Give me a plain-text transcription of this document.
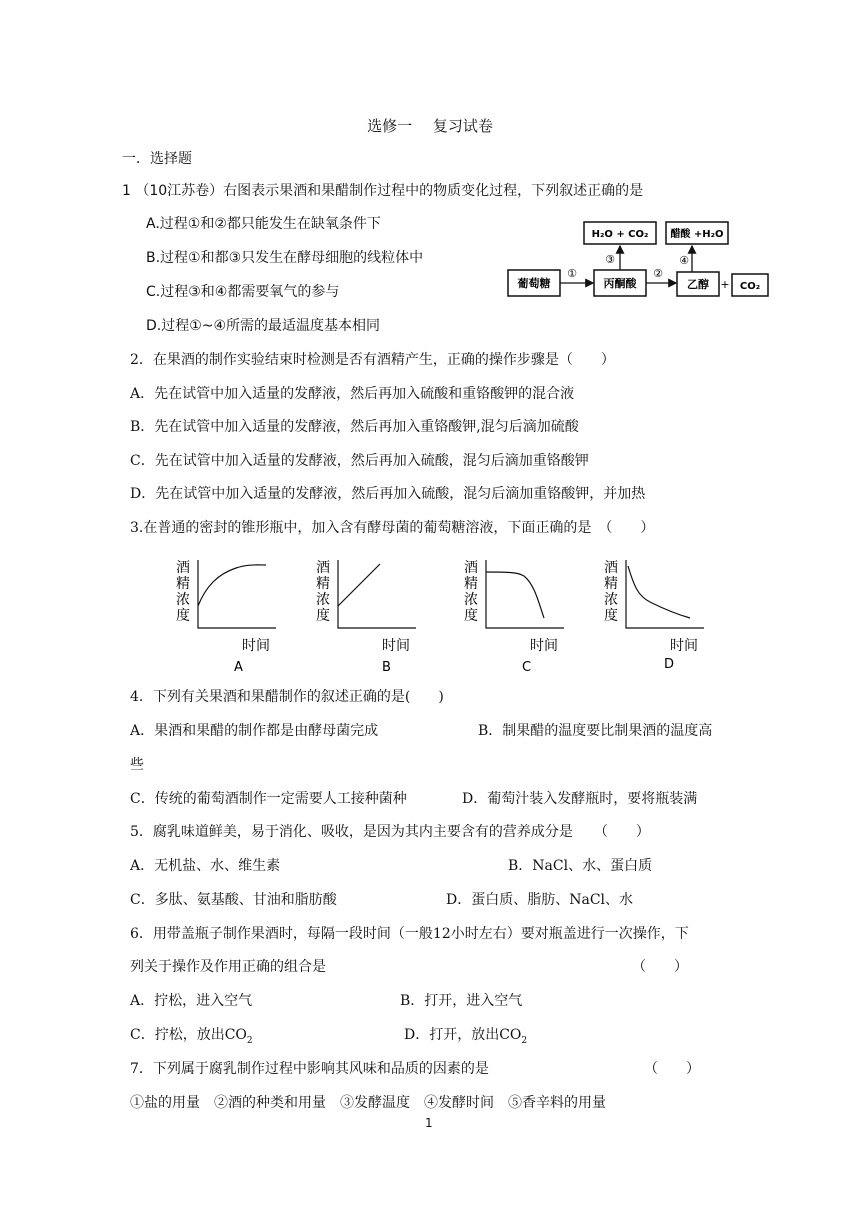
选修一 复习试卷
一．选择题
1 （10江苏卷）右图表示果酒和果醋制作过程中的物质变化过程，下列叙述正确的是
A.过程①和②都只能发生在缺氧条件下
B.过程①和都③只发生在酵母细胞的线粒体中
C.过程③和④都需要氧气的参与
D.过程①~④所需的最适温度基本相同
葡萄糖
①
丙酮酸
③
H₂O + CO₂
②
乙醇
④
醋酸 +H₂O
+ CO₂
2．在果酒的制作实验结束时检测是否有酒精产生，正确的操作步骤是（　　）
A．先在试管中加入适量的发酵液，然后再加入硫酸和重铬酸钾的混合液
B．先在试管中加入适量的发酵液，然后再加入重铬酸钾,混匀后滴加硫酸
C．先在试管中加入适量的发酵液，然后再加入硫酸，混匀后滴加重铬酸钾
D．先在试管中加入适量的发酵液，然后再加入硫酸，混匀后滴加重铬酸钾，并加热
3.在普通的密封的锥形瓶中，加入含有酵母菌的葡萄糖溶液，下面正确的是　（　　）
酒
精
浓
度
时间
A
酒
精
浓
度
时间
B
酒
精
浓
度
时间
C
酒
精
浓
度
时间
D
4．下列有关果酒和果醋制作的叙述正确的是(　　)
A．果酒和果醋的制作都是由酵母菌完成	B．制果醋的温度要比制果酒的温度高
些
C．传统的葡萄酒制作一定需要人工接种菌种	D．葡萄汁装入发酵瓶时，要将瓶装满
5．腐乳味道鲜美，易于消化、吸收，是因为其内主要含有的营养成分是　　（　　）
A．无机盐、水、维生素	B．NaCl、水、蛋白质
C．多肽、氨基酸、甘油和脂肪酸	D．蛋白质、脂肪、NaCl、水
6．用带盖瓶子制作果酒时，每隔一段时间（一般12小时左右）要对瓶盖进行一次操作，下
列关于操作及作用正确的组合是	（　　）
A．拧松，进入空气	B．打开，进入空气
C．拧松，放出$CO_2$	D．打开，放出$CO_2$
7．下列属于腐乳制作过程中影响其风味和品质的因素的是	（　　）
①盐的用量　②酒的种类和用量　③发酵温度　④发酵时间　⑤香辛料的用量
1
